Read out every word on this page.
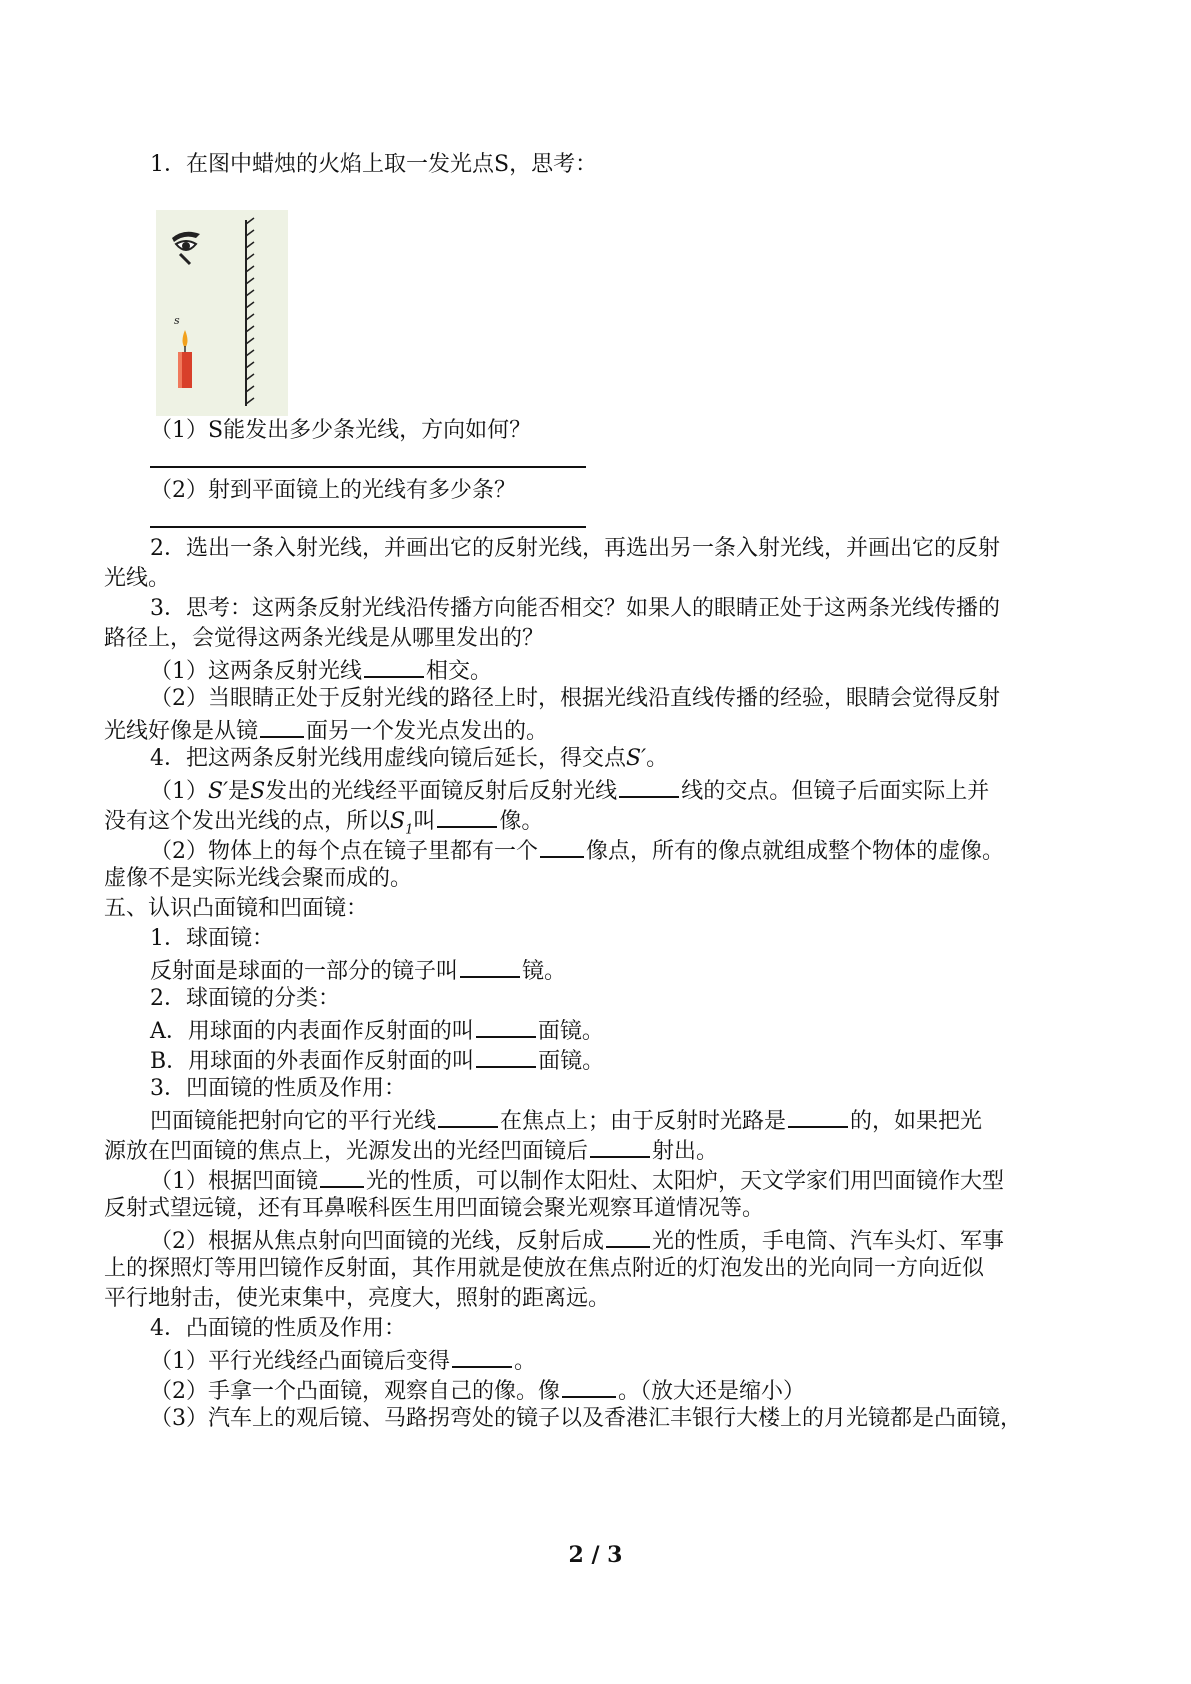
1．在图中蜡烛的火焰上取一发光点S，思考：
s
（1）S能发出多少条光线，方向如何？
（2）射到平面镜上的光线有多少条？
2．选出一条入射光线，并画出它的反射光线，再选出另一条入射光线，并画出它的反射
光线。
3．思考：这两条反射光线沿传播方向能否相交？如果人的眼睛正处于这两条光线传播的
路径上，会觉得这两条光线是从哪里发出的？
（1）这两条反射光线	相交。
（2）当眼睛正处于反射光线的路径上时，根据光线沿直线传播的经验，眼睛会觉得反射
光线好像是从镜 面另一个发光点发出的。
4．把这两条反射光线用虚线向镜后延长，得交点S′。
（1）S′是S发出的光线经平面镜反射后反射光线	线的交点。但镜子后面实际上并
没有这个发出光线的点，所以$S_1$叫	像。
（2）物体上的每个点在镜子里都有一个 像点，所有的像点就组成整个物体的虚像。
虚像不是实际光线会聚而成的。
五、认识凸面镜和凹面镜：
1．球面镜：
反射面是球面的一部分的镜子叫	镜。
2．球面镜的分类：
A．用球面的内表面作反射面的叫	面镜。
B．用球面的外表面作反射面的叫	面镜。
3．凹面镜的性质及作用：
凹面镜能把射向它的平行光线	在焦点上；由于反射时光路是	的，如果把光
源放在凹面镜的焦点上，光源发出的光经凹面镜后	射出。
（1）根据凹面镜 光的性质，可以制作太阳灶、太阳炉，天文学家们用凹面镜作大型
反射式望远镜，还有耳鼻喉科医生用凹面镜会聚光观察耳道情况等。
（2）根据从焦点射向凹面镜的光线，反射后成 光的性质，手电筒、汽车头灯、军事
上的探照灯等用凹镜作反射面，其作用就是使放在焦点附近的灯泡发出的光向同一方向近似
平行地射击，使光束集中，亮度大，照射的距离远。
4．凸面镜的性质及作用：
（1）平行光线经凸面镜后变得	。
（2）手拿一个凸面镜，观察自己的像。像	。（放大还是缩小）
（3）汽车上的观后镜、马路拐弯处的镜子以及香港汇丰银行大楼上的月光镜都是凸面镜，
2 / 3
